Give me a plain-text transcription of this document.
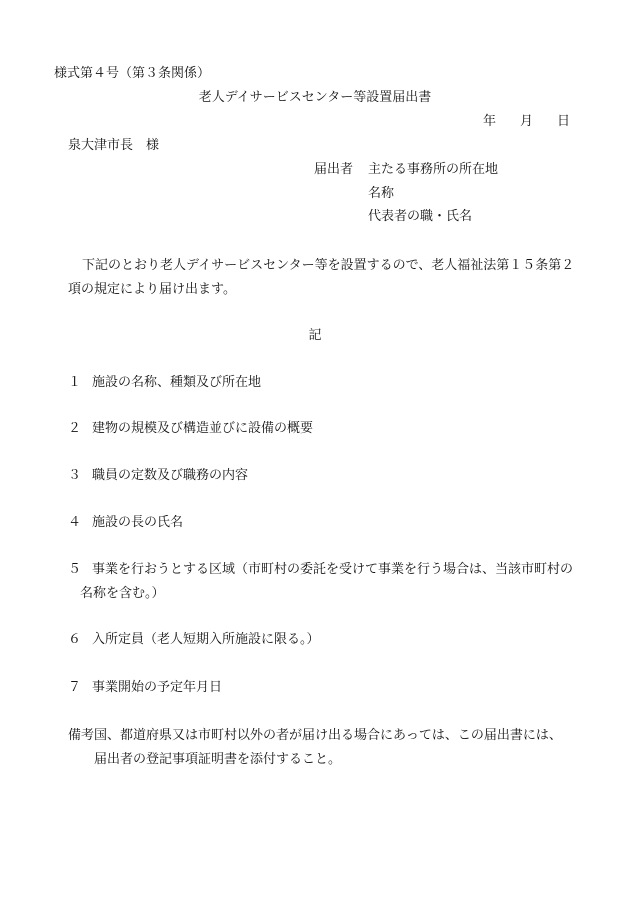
様式第４号（第３条関係）
老人デイサービスセンター等設置届出書
年 月 日
泉大津市長　様
届出者 主たる事務所の所在地
名称
代表者の職・氏名
下記のとおり老人デイサービスセンター等を設置するので、老人福祉法第１５条第２
項の規定により届け出ます。
記
１ 施設の名称、種類及び所在地
２ 建物の規模及び構造並びに設備の概要
３ 職員の定数及び職務の内容
４ 施設の長の氏名
５ 事業を行おうとする区域（市町村の委託を受けて事業を行う場合は、当該市町村の
名称を含む。）
６ 入所定員（老人短期入所施設に限る。）
７ 事業開始の予定年月日
備考 国、都道府県又は市町村以外の者が届け出る場合にあっては、この届出書には、
届出者の登記事項証明書を添付すること。
